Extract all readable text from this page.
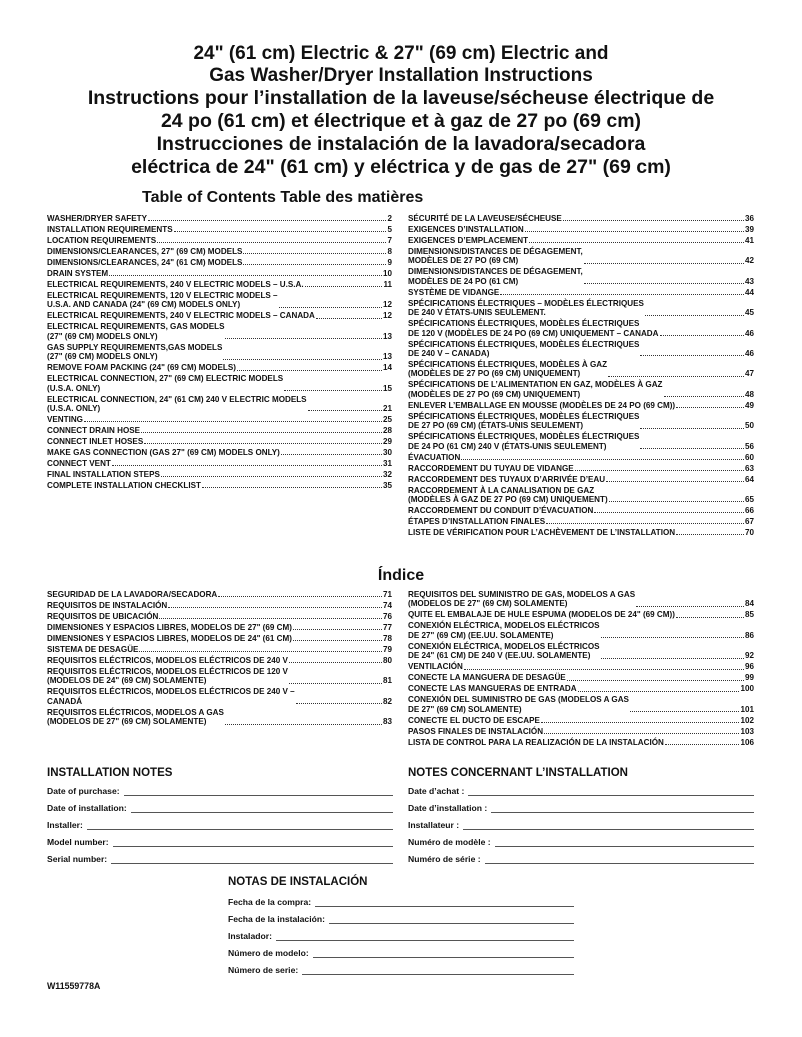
24" (61 cm) Electric & 27" (69 cm) Electric and
Gas Washer/Dryer Installation Instructions
Instructions pour l’installation de la laveuse/sécheuse électrique de
24 po (61 cm) et électrique et à gaz de 27 po (69 cm)
Instrucciones de instalación de la lavadora/secadora
eléctrica de 24" (61 cm) y eléctrica y de gas de 27" (69 cm)
Table of Contents Table des matières
WASHER/DRYER SAFETY	2
INSTALLATION REQUIREMENTS	5
LOCATION REQUIREMENTS	7
DIMENSIONS/CLEARANCES, 27" (69 CM) MODELS	8
DIMENSIONS/CLEARANCES, 24" (61 CM) MODELS	9
DRAIN SYSTEM	10
ELECTRICAL REQUIREMENTS, 240 V ELECTRIC MODELS – U.S.A.	11
ELECTRICAL REQUIREMENTS, 120 V ELECTRIC MODELS –
U.S.A. AND CANADA (24" (69 CM) MODELS ONLY)	12
ELECTRICAL REQUIREMENTS, 240 V ELECTRIC MODELS – CANADA	12
ELECTRICAL REQUIREMENTS, GAS MODELS
(27" (69 CM) MODELS ONLY)	13
GAS SUPPLY REQUIREMENTS,GAS MODELS
(27" (69 CM) MODELS ONLY)	13
REMOVE FOAM PACKING (24" (69 CM) MODELS)	14
ELECTRICAL CONNECTION, 27" (69 CM) ELECTRIC MODELS
(U.S.A. ONLY)	15
ELECTRICAL CONNECTION, 24" (61 CM) 240 V ELECTRIC MODELS
(U.S.A. ONLY)	21
VENTING	25
CONNECT DRAIN HOSE	28
CONNECT INLET HOSES	29
MAKE GAS CONNECTION (GAS 27" (69 CM) MODELS ONLY)	30
CONNECT VENT	31
FINAL INSTALLATION STEPS	32
COMPLETE INSTALLATION CHECKLIST	35
SÉCURITÉ DE LA LAVEUSE/SÉCHEUSE	36
EXIGENCES D’INSTALLATION	39
EXIGENCES D’EMPLACEMENT	41
DIMENSIONS/DISTANCES DE DÉGAGEMENT,
MODÈLES DE 27 PO (69 CM)	42
DIMENSIONS/DISTANCES DE DÉGAGEMENT,
MODÈLES DE 24 PO (61 CM)	43
SYSTÈME DE VIDANGE	44
SPÉCIFICATIONS ÉLECTRIQUES – MODÈLES ÉLECTRIQUES
DE 240 V ÉTATS-UNIS SEULEMENT.	45
SPÉCIFICATIONS ÉLECTRIQUES, MODÈLES ÉLECTRIQUES
DE 120 V (MODÈLES DE 24 PO (69 CM) UNIQUEMENT – CANADA	46
SPÉCIFICATIONS ÉLECTRIQUES, MODÈLES ÉLECTRIQUES
DE 240 V – CANADA)	46
SPÉCIFICATIONS ÉLECTRIQUES, MODÈLES À GAZ
(MODÈLES DE 27 PO (69 CM) UNIQUEMENT)	47
SPÉCIFICATIONS DE L’ALIMENTATION EN GAZ, MODÈLES À GAZ
(MODÈLES DE 27 PO (69 CM) UNIQUEMENT)	48
ENLEVER L’EMBALLAGE EN MOUSSE (MODÈLES DE 24 PO (69 CM))	49
SPÉCIFICATIONS ÉLECTRIQUES, MODÈLES ÉLECTRIQUES
DE 27 PO (69 CM) (ÉTATS-UNIS SEULEMENT)	50
SPÉCIFICATIONS ÉLECTRIQUES, MODÈLES ÉLECTRIQUES
DE 24 PO (61 CM) 240 V (ÉTATS-UNIS SEULEMENT)	56
ÉVACUATION	60
RACCORDEMENT DU TUYAU DE VIDANGE	63
RACCORDEMENT DES TUYAUX D’ARRIVÉE D’EAU	64
RACCORDEMENT À LA CANALISATION DE GAZ
(MODÈLES À GAZ DE 27 PO (69 CM) UNIQUEMENT)	65
RACCORDEMENT DU CONDUIT D’ÉVACUATION	66
ÉTAPES D’INSTALLATION FINALES	67
LISTE DE VÉRIFICATION POUR L’ACHÈVEMENT DE L’INSTALLATION	70
Índice
SEGURIDAD DE LA LAVADORA/SECADORA	71
REQUISITOS DE INSTALACIÓN	74
REQUISITOS DE UBICACIÓN	76
DIMENSIONES Y ESPACIOS LIBRES, MODELOS DE 27" (69 CM)	77
DIMENSIONES Y ESPACIOS LIBRES, MODELOS DE 24" (61 CM)	78
SISTEMA DE DESAGÜE	79
REQUISITOS ELÉCTRICOS, MODELOS ELÉCTRICOS DE 240 V	80
REQUISITOS ELÉCTRICOS, MODELOS ELÉCTRICOS DE 120 V
(MODELOS DE 24" (69 CM) SOLAMENTE)	81
REQUISITOS ELÉCTRICOS, MODELOS ELÉCTRICOS DE 240 V –
CANADÁ	82
REQUISITOS ELÉCTRICOS, MODELOS A GAS
(MODELOS DE 27" (69 CM) SOLAMENTE)	83
REQUISITOS DEL SUMINISTRO DE GAS, MODELOS A GAS
(MODELOS DE 27" (69 CM) SOLAMENTE)	84
QUITE EL EMBALAJE DE HULE ESPUMA (MODELOS DE 24" (69 CM))	85
CONEXIÓN ELÉCTRICA, MODELOS ELÉCTRICOS
DE 27" (69 CM) (EE.UU. SOLAMENTE)	86
CONEXIÓN ELÉCTRICA, MODELOS ELÉCTRICOS
DE 24" (61 CM) DE 240 V (EE.UU. SOLAMENTE)	92
VENTILACIÓN	96
CONECTE LA MANGUERA DE DESAGÜE	99
CONECTE LAS MANGUERAS DE ENTRADA	100
CONEXIÓN DEL SUMINISTRO DE GAS (MODELOS A GAS
DE 27" (69 CM) SOLAMENTE)	101
CONECTE EL DUCTO DE ESCAPE	102
PASOS FINALES DE INSTALACIÓN	103
LISTA DE CONTROL PARA LA REALIZACIÓN DE LA INSTALACIÓN	106
INSTALLATION NOTES	NOTES CONCERNANT L’INSTALLATION
NOTAS DE INSTALACIÓN
Date of purchase:
Date of installation:
Installer:
Model number:
Serial number:
Date d’achat :
Date d’installation :
Installateur :
Numéro de modèle :
Numéro de série :
Fecha de la compra:
Fecha de la instalación:
Instalador:
Número de modelo:
Número de serie:
W11559778A
